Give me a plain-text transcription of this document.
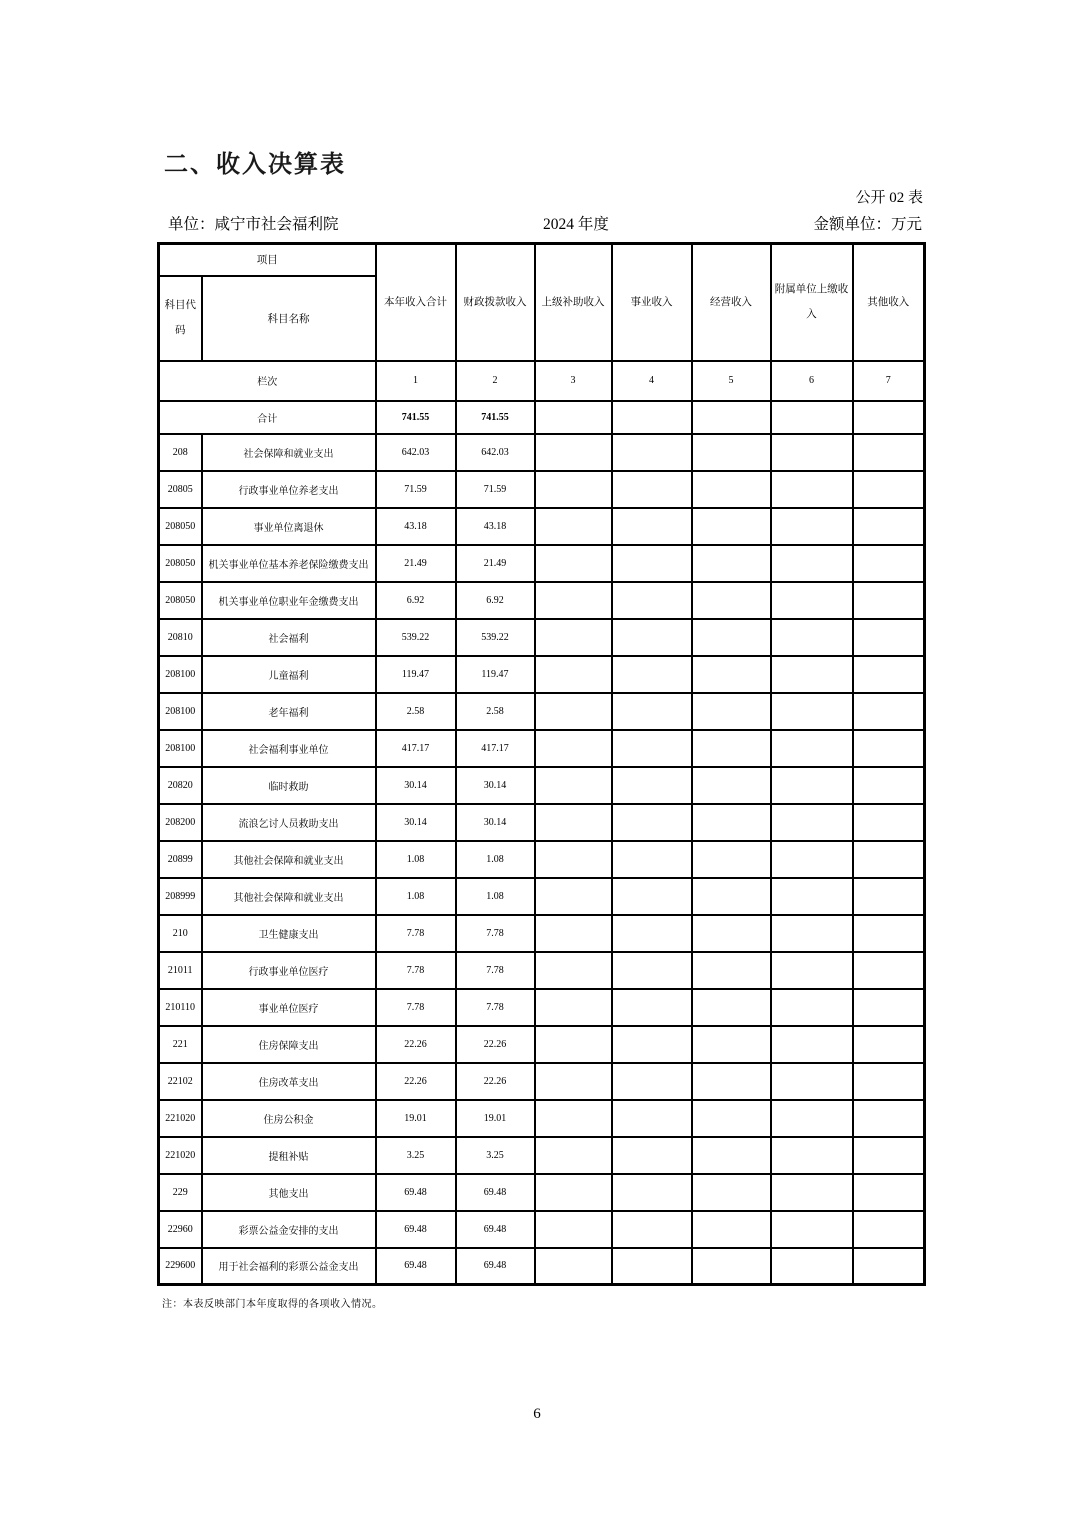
二、收入决算表
公开 02 表
单位：咸宁市社会福利院	2024 年度	金额单位：万元
项目		本年收入合计	财政拨款收入	上级补助收入	事业收入	经营收入	附属单位上缴收入	其他收入
科目代码	科目名称							
栏次		1	2	3	4	5	6	7
合计		741.55	741.55					
208	社会保障和就业支出	642.03	642.03					
20805	行政事业单位养老支出	71.59	71.59					
208050	事业单位离退休	43.18	43.18					
208050	机关事业单位基本养老保险缴费支出	21.49	21.49					
208050	机关事业单位职业年金缴费支出	6.92	6.92					
20810	社会福利	539.22	539.22					
208100	儿童福利	119.47	119.47					
208100	老年福利	2.58	2.58					
208100	社会福利事业单位	417.17	417.17					
20820	临时救助	30.14	30.14					
208200	流浪乞讨人员救助支出	30.14	30.14					
20899	其他社会保障和就业支出	1.08	1.08					
208999	其他社会保障和就业支出	1.08	1.08					
210	卫生健康支出	7.78	7.78					
21011	行政事业单位医疗	7.78	7.78					
210110	事业单位医疗	7.78	7.78					
221	住房保障支出	22.26	22.26					
22102	住房改革支出	22.26	22.26					
221020	住房公积金	19.01	19.01					
221020	提租补贴	3.25	3.25					
229	其他支出	69.48	69.48					
22960	彩票公益金安排的支出	69.48	69.48					
229600	用于社会福利的彩票公益金支出	69.48	69.48					
注：本表反映部门本年度取得的各项收入情况。
6
